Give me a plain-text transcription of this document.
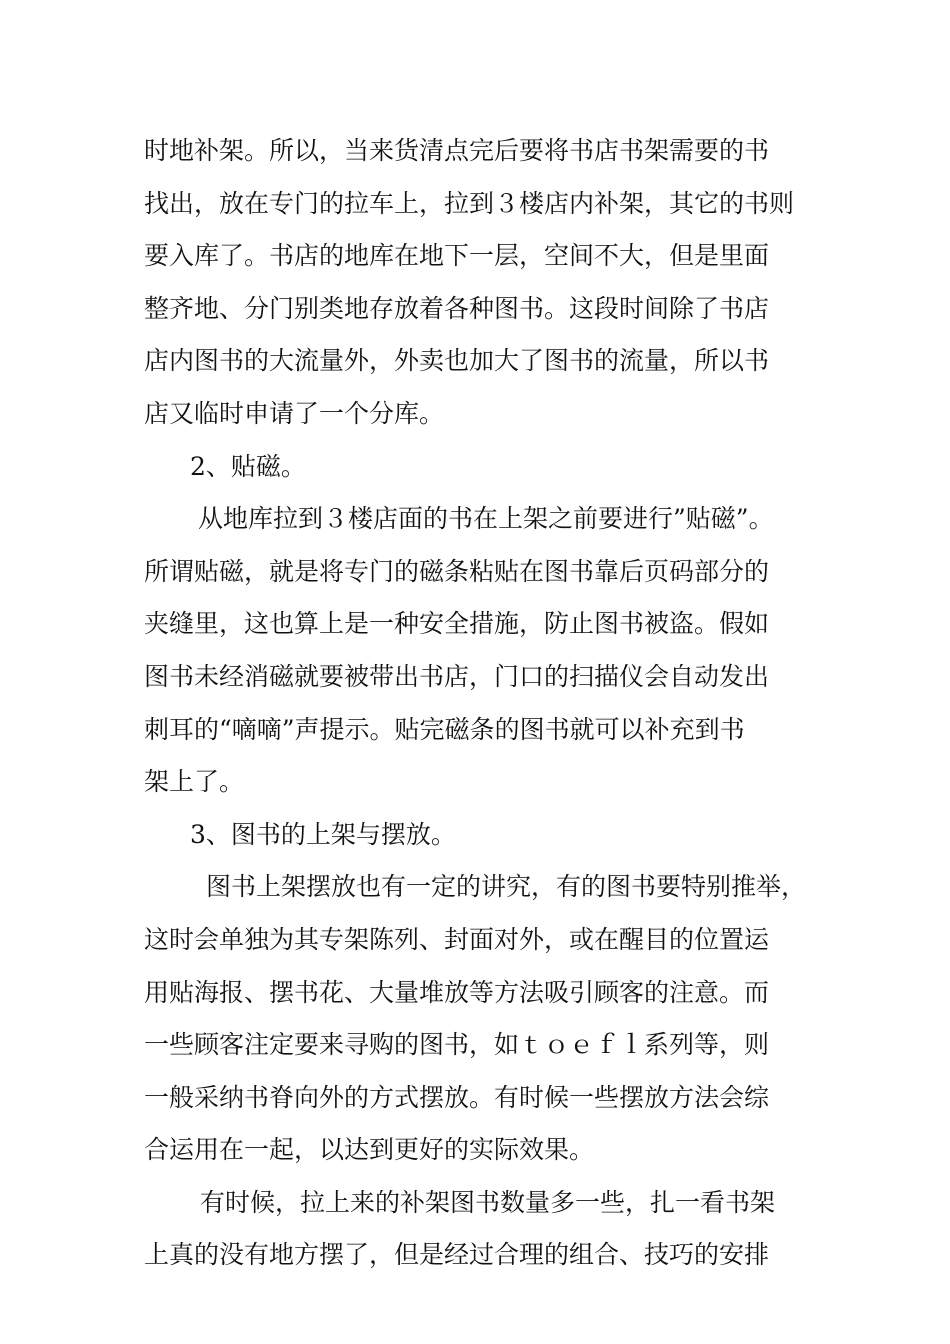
时地补架。所以，当来货清点完后要将书店书架需要的书
找出，放在专门的拉车上，拉到３楼店内补架，其它的书则
要入库了。书店的地库在地下一层，空间不大，但是里面
整齐地、分门别类地存放着各种图书。这段时间除了书店
店内图书的大流量外，外卖也加大了图书的流量，所以书
店又临时申请了一个分库。
2、贴磁。
从地库拉到３楼店面的书在上架之前要进行”贴磁”。
所谓贴磁，就是将专门的磁条粘贴在图书靠后页码部分的
夹缝里，这也算上是一种安全措施，防止图书被盗。假如
图书未经消磁就要被带出书店，门口的扫描仪会自动发出
刺耳的“嘀嘀”声提示。贴完磁条的图书就可以补充到书
架上了。
3、图书的上架与摆放。
图书上架摆放也有一定的讲究，有的图书要特别推举，
这时会单独为其专架陈列、封面对外，或在醒目的位置运
用贴海报、摆书花、大量堆放等方法吸引顾客的注意。而
一些顾客注定要来寻购的图书，如ｔｏｅｆｌ系列等，则
一般采纳书脊向外的方式摆放。有时候一些摆放方法会综
合运用在一起，以达到更好的实际效果。
有时候，拉上来的补架图书数量多一些，扎一看书架
上真的没有地方摆了，但是经过合理的组合、技巧的安排
